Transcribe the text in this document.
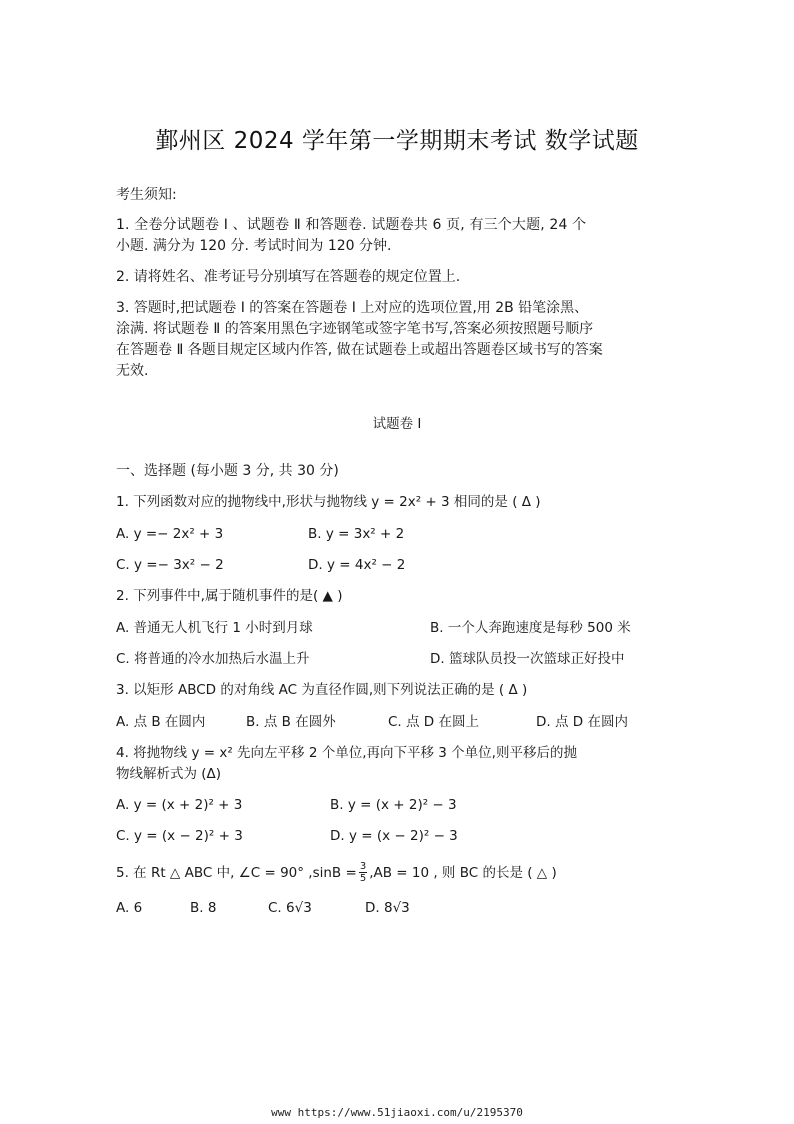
鄞州区 2024 学年第一学期期末考试 数学试题
考生须知:
1. 全卷分试题卷 Ⅰ 、试题卷 Ⅱ 和答题卷. 试题卷共 6 页, 有三个大题, 24 个
小题. 满分为 120 分. 考试时间为 120 分钟.
2. 请将姓名、准考证号分别填写在答题卷的规定位置上.
3. 答题时,把试题卷 Ⅰ 的答案在答题卷 Ⅰ 上对应的选项位置,用 2B 铅笔涂黑、
涂满. 将试题卷 Ⅱ 的答案用黑色字迹钢笔或签字笔书写,答案必须按照题号顺序
在答题卷 Ⅱ 各题目规定区域内作答, 做在试题卷上或超出答题卷区域书写的答案
无效.
试题卷 Ⅰ
一、选择题 (每小题 3 分, 共 30 分)
1. 下列函数对应的抛物线中,形状与抛物线 y = 2x² + 3 相同的是 ( Δ )
A. y =− 2x² + 3	B. y = 3x² + 2
C. y =− 3x² − 2	D. y = 4x² − 2
2. 下列事件中,属于随机事件的是( ▲ )
A. 普通无人机飞行 1 小时到月球	B. 一个人奔跑速度是每秒 500 米
C. 将普通的冷水加热后水温上升	D. 篮球队员投一次篮球正好投中
3. 以矩形 ABCD 的对角线 AC 为直径作圆,则下列说法正确的是 ( Δ )
A. 点 B 在圆内	B. 点 B 在圆外	C. 点 D 在圆上	D. 点 D 在圆内
4. 将抛物线 y = x² 先向左平移 2 个单位,再向下平移 3 个单位,则平移后的抛
物线解析式为 (Δ)
A. y = (x + 2)² + 3	B. y = (x + 2)² − 3
C. y = (x − 2)² + 3	D. y = (x − 2)² − 3
5. 在 Rt △ ABC 中, ∠C = 90° $,\sin B = \frac{3}{5} ,AB = 10$ , 则 BC 的长是 ( △ )
A. 6	B. 8	C. 6√3	D. 8√3
www https://www.51jiaoxi.com/u/2195370
